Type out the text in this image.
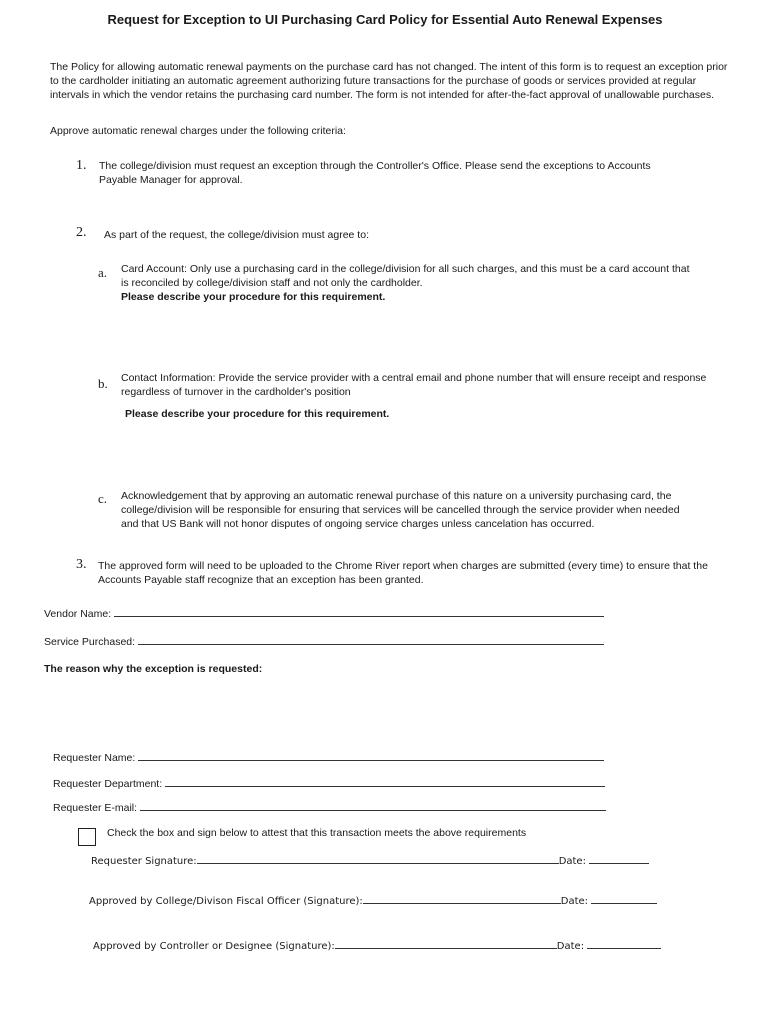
Request for Exception to UI Purchasing Card Policy for Essential Auto Renewal Expenses
The Policy for allowing automatic renewal payments on the purchase card has not changed. The intent of this form is to request an exception prior to the cardholder initiating an automatic agreement authorizing future transactions for the purchase of goods or services provided at regular intervals in which the vendor retains the purchasing card number. The form is not intended for after-the-fact approval of unallowable purchases.
Approve automatic renewal charges under the following criteria:
1. The college/division must request an exception through the Controller's Office. Please send the exceptions to Accounts Payable Manager for approval.
2. As part of the request, the college/division must agree to:
a. Card Account: Only use a purchasing card in the college/division for all such charges, and this must be a card account that is reconciled by college/division staff and not only the cardholder.
Please describe your procedure for this requirement.
b. Contact Information: Provide the service provider with a central email and phone number that will ensure receipt and response regardless of turnover in the cardholder's position
Please describe your procedure for this requirement.
c. Acknowledgement that by approving an automatic renewal purchase of this nature on a university purchasing card, the college/division will be responsible for ensuring that services will be cancelled through the service provider when needed and that US Bank will not honor disputes of ongoing service charges unless cancelation has occurred.
3. The approved form will need to be uploaded to the Chrome River report when charges are submitted (every time) to ensure that the Accounts Payable staff recognize that an exception has been granted.
Vendor Name:
Service Purchased:
The reason why the exception is requested:
Requester Name:
Requester Department:
Requester E-mail:
Check the box and sign below to attest that this transaction meets the above requirements
Requester Signature:	Date:
Approved by College/Divison Fiscal Officer (Signature):	Date:
Approved by Controller or Designee (Signature):	Date:
